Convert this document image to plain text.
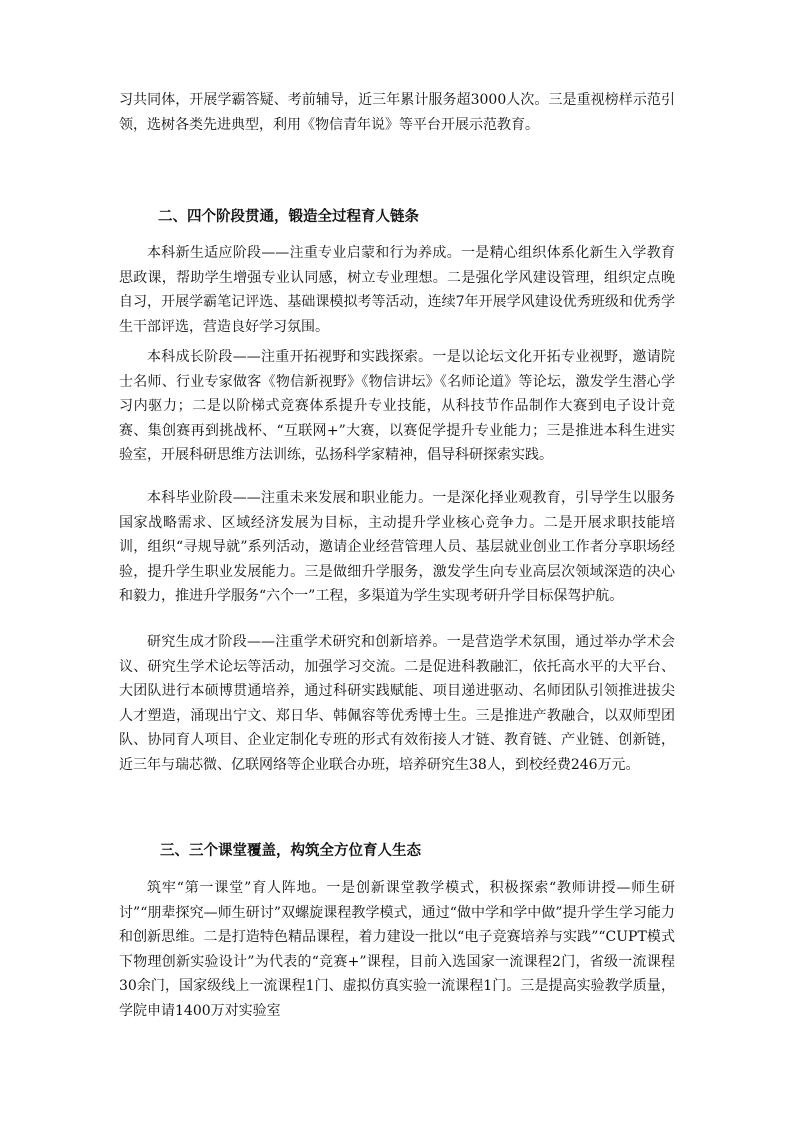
习共同体，开展学霸答疑、考前辅导，近三年累计服务超3000人次。三是重视榜样示范引领，选树各类先进典型，利用《物信青年说》等平台开展示范教育。

二、四个阶段贯通，锻造全过程育人链条

本科新生适应阶段——注重专业启蒙和行为养成。一是精心组织体系化新生入学教育思政课，帮助学生增强专业认同感，树立专业理想。二是强化学风建设管理，组织定点晚自习，开展学霸笔记评选、基础课模拟考等活动，连续7年开展学风建设优秀班级和优秀学生干部评选，营造良好学习氛围。

本科成长阶段——注重开拓视野和实践探索。一是以论坛文化开拓专业视野，邀请院士名师、行业专家做客《物信新视野》《物信讲坛》《名师论道》等论坛，激发学生潜心学习内驱力；二是以阶梯式竞赛体系提升专业技能，从科技节作品制作大赛到电子设计竞赛、集创赛再到挑战杯、“互联网+”大赛，以赛促学提升专业能力；三是推进本科生进实验室，开展科研思维方法训练，弘扬科学家精神，倡导科研探索实践。

本科毕业阶段——注重未来发展和职业能力。一是深化择业观教育，引导学生以服务国家战略需求、区域经济发展为目标，主动提升学业核心竞争力。二是开展求职技能培训，组织“寻规导就”系列活动，邀请企业经营管理人员、基层就业创业工作者分享职场经验，提升学生职业发展能力。三是做细升学服务，激发学生向专业高层次领域深造的决心和毅力，推进升学服务“六个一”工程，多渠道为学生实现考研升学目标保驾护航。

研究生成才阶段——注重学术研究和创新培养。一是营造学术氛围，通过举办学术会议、研究生学术论坛等活动，加强学习交流。二是促进科教融汇，依托高水平的大平台、大团队进行本硕博贯通培养，通过科研实践赋能、项目递进驱动、名师团队引领推进拔尖人才塑造，涌现出宁文、郑日华、韩佩容等优秀博士生。三是推进产教融合，以双师型团队、协同育人项目、企业定制化专班的形式有效衔接人才链、教育链、产业链、创新链，近三年与瑞芯微、亿联网络等企业联合办班，培养研究生38人，到校经费246万元。

三、三个课堂覆盖，构筑全方位育人生态

筑牢“第一课堂”育人阵地。一是创新课堂教学模式，积极探索“教师讲授—师生研讨”“朋辈探究—师生研讨”双螺旋课程教学模式，通过“做中学和学中做”提升学生学习能力和创新思维。二是打造特色精品课程，着力建设一批以“电子竞赛培养与实践”“CUPT模式下物理创新实验设计”为代表的“竞赛+”课程，目前入选国家一流课程2门，省级一流课程30余门，国家级线上一流课程1门、虚拟仿真实验一流课程1门。三是提高实验教学质量，学院申请1400万对实验室
